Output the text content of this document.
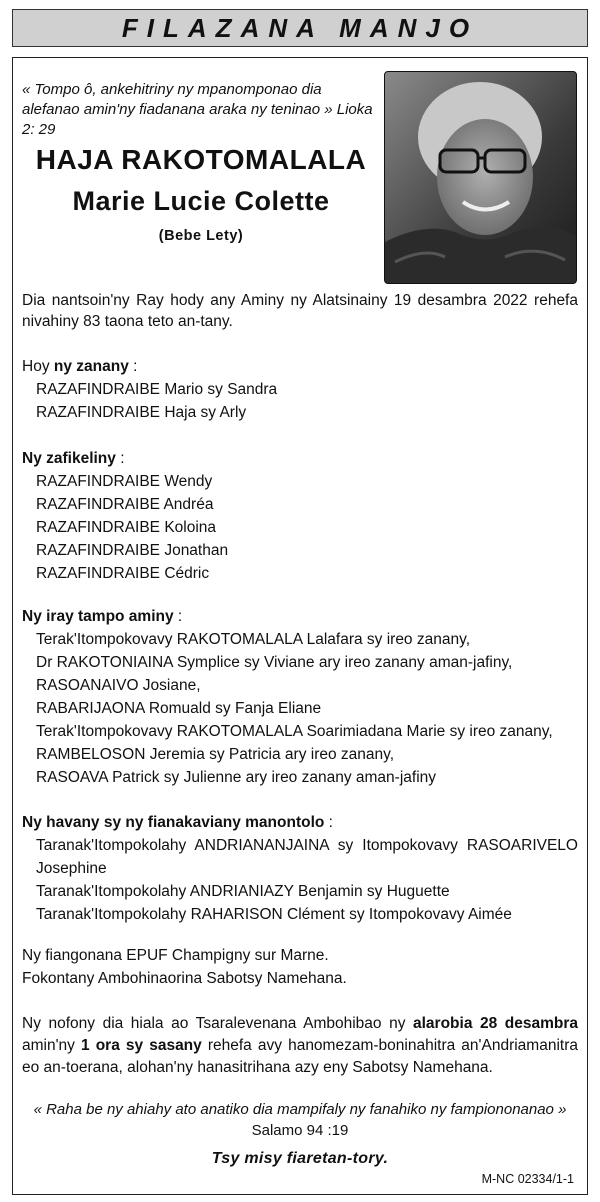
FILAZANA MANJO
« Tompo ô, ankehitriny ny mpanomponao dia alefanao amin'ny fiadanana araka ny teninao » Lioka 2: 29
HAJA RAKOTOMALALA
Marie Lucie Colette
(Bebe Lety)
Dia nantsoin'ny Ray hody any Aminy ny Alatsinainy 19 desambra 2022 rehefa nivahiny 83 taona teto an-tany.
Hoy ny zanany :
RAZAFINDRAIBE Mario sy Sandra
RAZAFINDRAIBE Haja sy Arly
Ny zafikeliny :
RAZAFINDRAIBE Wendy
RAZAFINDRAIBE Andréa
RAZAFINDRAIBE Koloina
RAZAFINDRAIBE Jonathan
RAZAFINDRAIBE Cédric
Ny iray tampo aminy :
Terak'Itompokovavy RAKOTOMALALA Lalafara sy ireo zanany,
Dr RAKOTONIAINA Symplice sy Viviane ary ireo zanany aman-jafiny,
RASOANAIVO Josiane,
RABARIJAONA Romuald sy Fanja Eliane
Terak'Itompokovavy RAKOTOMALALA Soarimiadana Marie sy ireo zanany,
RAMBELOSON Jeremia sy Patricia ary ireo zanany,
RASOAVA Patrick sy Julienne ary ireo zanany aman-jafiny
Ny havany sy ny fianakaviany manontolo :
Taranak'Itompokolahy ANDRIANANJAINA sy Itompokovavy RASOARIVELO Josephine
Taranak'Itompokolahy ANDRIANIAZY Benjamin sy Huguette
Taranak'Itompokolahy RAHARISON Clément sy Itompokovavy Aimée
Ny fiangonana EPUF Champigny sur Marne.
Fokontany Ambohinaorina Sabotsy Namehana.
Ny nofony dia hiala ao Tsaralevenana Ambohibao ny alarobia 28 desambra amin'ny 1 ora sy sasany rehefa avy hanomezam-boninahitra an'Andriamanitra eo an-toerana, alohan'ny hanasitrihana azy eny Sabotsy Namehana.
« Raha be ny ahiahy ato anatiko dia mampifaly ny fanahiko ny fampiononanao »
Salamo 94 :19
Tsy misy fiaretan-tory.
M-NC 02334/1-1
